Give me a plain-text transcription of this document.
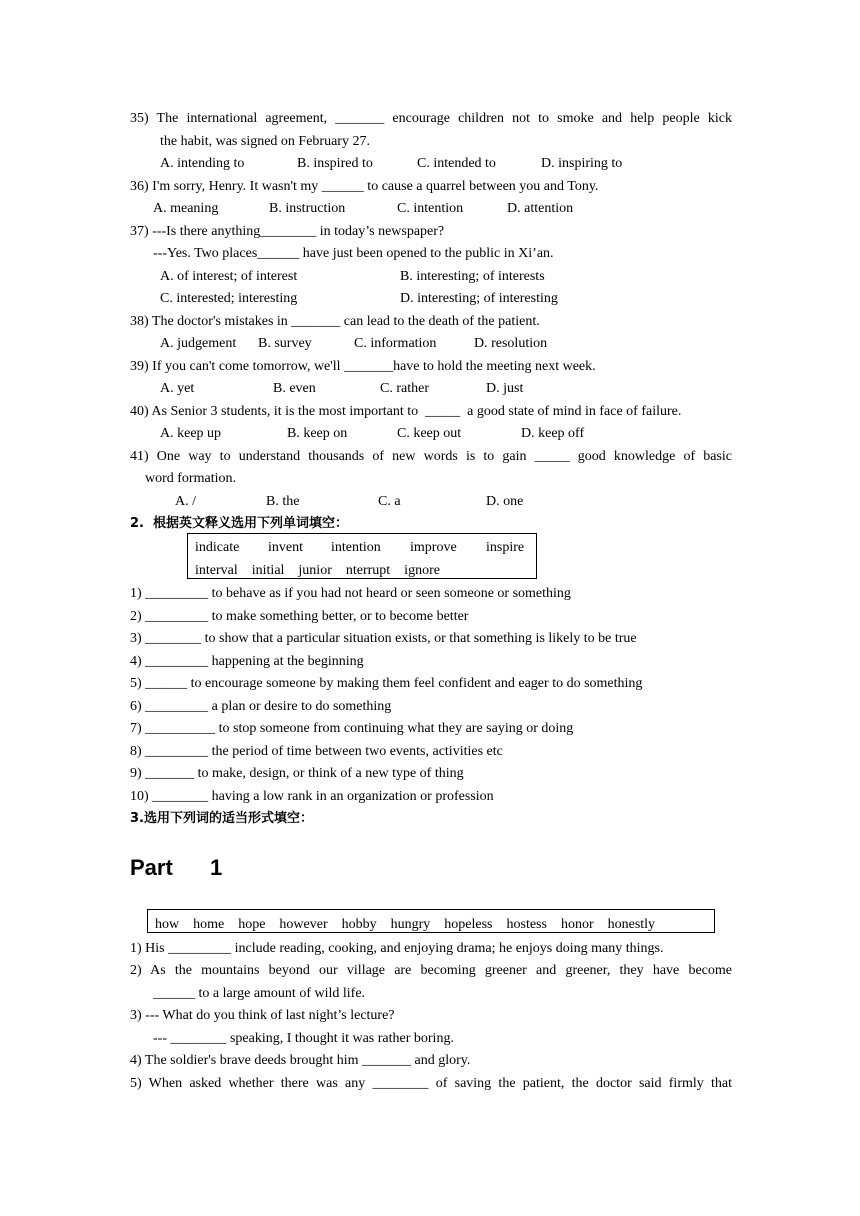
35) The international agreement, _______ encourage children not to smoke and help people kick
the habit, was signed on February 27.
A. intending to	B. inspired to	C. intended to	D. inspiring to
36) I'm sorry, Henry. It wasn't my ______ to cause a quarrel between you and Tony.
A. meaning	B. instruction	C. intention	D. attention
37) ---Is there anything________ in today’s newspaper?
---Yes. Two places______ have just been opened to the public in Xi’an.
A. of interest; of interest	B. interesting; of interests
C. interested; interesting	D. interesting; of interesting
38) The doctor's mistakes in _______ can lead to the death of the patient.
A. judgement B. survey	C. information	D. resolution
39) If you can't come tomorrow, we'll _______have to hold the meeting next week.
A. yet	B. even	C. rather	D. just
40) As Senior 3 students, it is the most important to  _____  a good state of mind in face of failure.
A. keep up	B. keep on	C. keep out	D. keep off
41) One way to understand thousands of new words is to gain _____ good knowledge of basic
word formation.
A. /	B. the	C. a	D. one
2.  根据英文释义选用下列单词填空：
indicate invent intention improve inspire
interval    initial    junior    nterrupt    ignore
1) _________ to behave as if you had not heard or seen someone or something
2) _________ to make something better, or to become better
3) ________ to show that a particular situation exists, or that something is likely to be true
4) _________ happening at the beginning
5) ______ to encourage someone by making them feel confident and eager to do something
6) _________ a plan or desire to do something
7) __________ to stop someone from continuing what they are saying or doing
8) _________ the period of time between two events, activities etc
9) _______ to make, design, or think of a new type of thing
10) ________ having a low rank in an organization or profession
3.选用下列词的适当形式填空：

Part

1

how    home    hope    however    hobby    hungry    hopeless    hostess    honor    honestly
1) His _________ include reading, cooking, and enjoying drama; he enjoys doing many things.
2) As the mountains beyond our village are becoming greener and greener, they have become
______ to a large amount of wild life.
3) --- What do you think of last night’s lecture?
--- ________ speaking, I thought it was rather boring.
4) The soldier's brave deeds brought him _______ and glory.
5) When asked whether there was any ________ of saving the patient, the doctor said firmly that
